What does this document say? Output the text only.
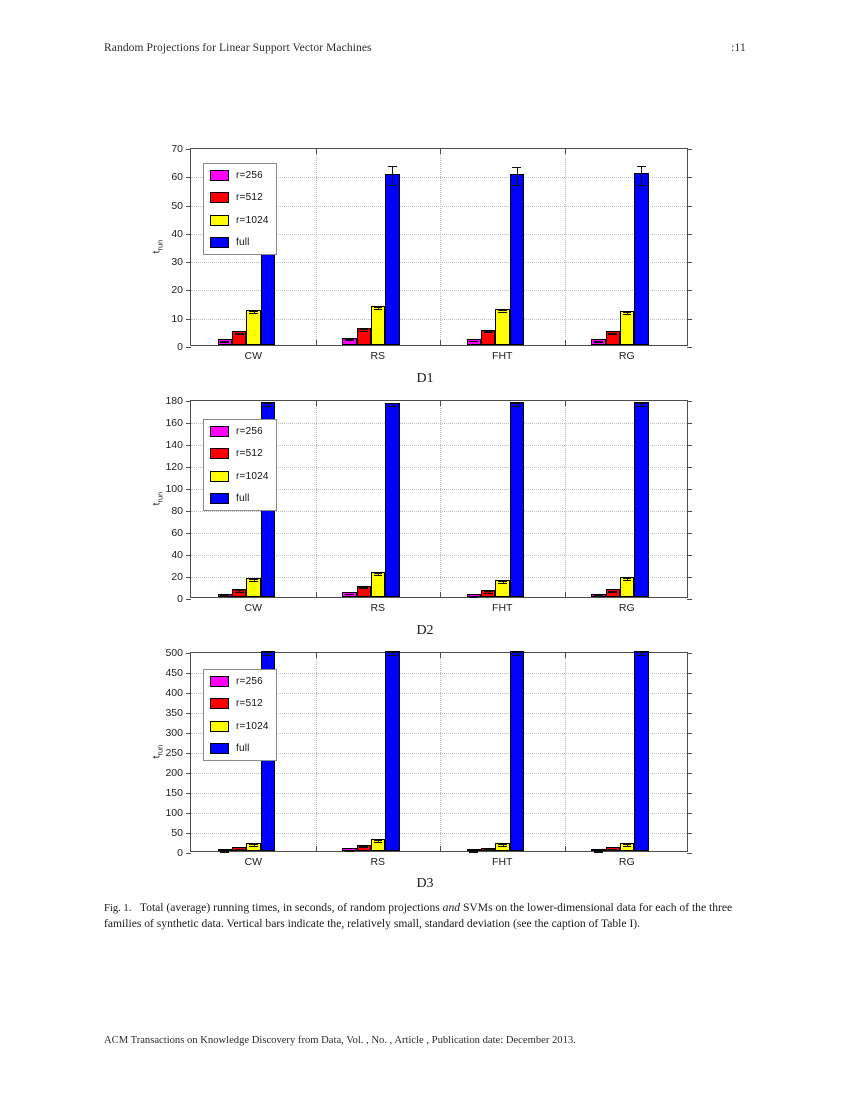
Random Projections for Linear Support Vector Machines	:11
0
10
20
30
40
50
60
70
CW	RS	FHT	RG
r=256
r=512
r=1024
full
$t_{run}$
D1
0
20
40
60
80
100
120
140
160
180
CW	RS	FHT	RG
r=256
r=512
r=1024
full
$t_{run}$
D2
0
50
100
150
200
250
300
350
400
450
500
CW	RS	FHT	RG
r=256
r=512
r=1024
full
$t_{run}$
D3
Fig. 1. Total (average) running times, in seconds, of random projections and SVMs on the lower-dimensional data for each of the three families of synthetic data. Vertical bars indicate the, relatively small, standard deviation (see the caption of Table I).
ACM Transactions on Knowledge Discovery from Data, Vol. , No. , Article , Publication date: December 2013.
